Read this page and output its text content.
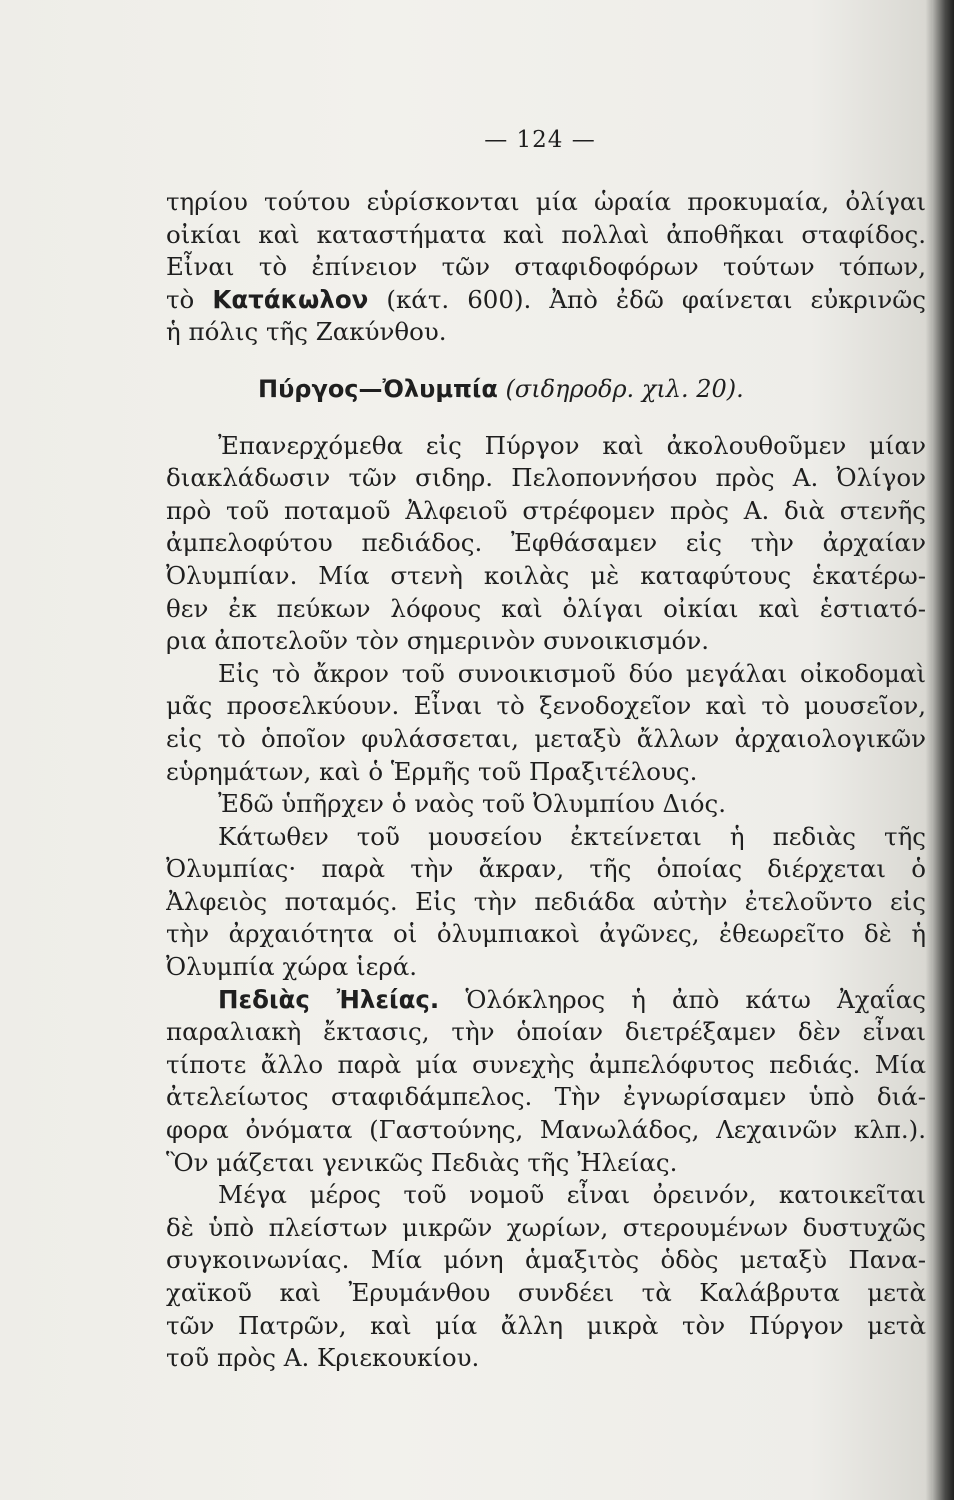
— 124 —
τηρίου τούτου εὑρίσκονται μία ὡραία προκυμαία, ὀλίγαι
οἰκίαι καὶ καταστήματα καὶ πολλαὶ ἀποθῆκαι σταφίδος.
Εἶναι τὸ ἐπίνειον τῶν σταφιδοφόρων τούτων τόπων,
τὸ Κατάκωλον (κάτ. 600). Ἀπὸ ἐδῶ φαίνεται εὐκρινῶς
ἡ πόλις τῆς Ζακύνθου.
Πύργος—Ὀλυμπία (σιδηροδρ. χιλ. 20).
Ἐπανερχόμεθα εἰς Πύργον καὶ ἀκολουθοῦμεν μίαν
διακλάδωσιν τῶν σιδηρ. Πελοποννήσου πρὸς Α. Ὀλίγον
πρὸ τοῦ ποταμοῦ Ἀλφειοῦ στρέφομεν πρὸς Α. διὰ στενῆς
ἀμπελοφύτου πεδιάδος. Ἐφθάσαμεν εἰς τὴν ἀρχαίαν
Ὀλυμπίαν. Μία στενὴ κοιλὰς μὲ καταφύτους ἑκατέρω-
θεν ἐκ πεύκων λόφους καὶ ὀλίγαι οἰκίαι καὶ ἑστιατό-
ρια ἀποτελοῦν τὸν σημερινὸν συνοικισμόν.
Εἰς τὸ ἄκρον τοῦ συνοικισμοῦ δύο μεγάλαι οἰκοδομαὶ
μᾶς προσελκύουν. Εἶναι τὸ ξενοδοχεῖον καὶ τὸ μουσεῖον,
εἰς τὸ ὁποῖον φυλάσσεται, μεταξὺ ἄλλων ἀρχαιολογικῶν
εὑρημάτων, καὶ ὁ Ἑρμῆς τοῦ Πραξιτέλους.
Ἐδῶ ὑπῆρχεν ὁ ναὸς τοῦ Ὀλυμπίου Διός.
Κάτωθεν τοῦ μουσείου ἐκτείνεται ἡ πεδιὰς τῆς
Ὀλυμπίας· παρὰ τὴν ἄκραν, τῆς ὁποίας διέρχεται ὁ
Ἀλφειὸς ποταμός. Εἰς τὴν πεδιάδα αὐτὴν ἐτελοῦντο εἰς
τὴν ἀρχαιότητα οἱ ὀλυμπιακοὶ ἀγῶνες, ἐθεωρεῖτο δὲ ἡ
Ὀλυμπία χώρα ἱερά.
Πεδιὰς Ἠλείας. Ὁλόκληρος ἡ ἀπὸ κάτω Ἀχαΐας
παραλιακὴ ἔκτασις, τὴν ὁποίαν διετρέξαμεν δὲν εἶναι
τίποτε ἄλλο παρὰ μία συνεχὴς ἀμπελόφυτος πεδιάς. Μία
ἀτελείωτος σταφιδάμπελος. Τὴν ἐγνωρίσαμεν ὑπὸ διά-
φορα ὀνόματα (Γαστούνης, Μανωλάδος, Λεχαινῶν κλπ.).
Ὃν μάζεται γενικῶς Πεδιὰς τῆς Ἠλείας.
Μέγα μέρος τοῦ νομοῦ εἶναι ὀρεινόν, κατοικεῖται
δὲ ὑπὸ πλείστων μικρῶν χωρίων, στερουμένων δυστυχῶς
συγκοινωνίας. Μία μόνη ἁμαξιτὸς ὁδὸς μεταξὺ Πανα-
χαϊκοῦ καὶ Ἐρυμάνθου συνδέει τὰ Καλάβρυτα μετὰ
τῶν Πατρῶν, καὶ μία ἄλλη μικρὰ τὸν Πύργον μετὰ
τοῦ πρὸς Α. Κριεκουκίου.
